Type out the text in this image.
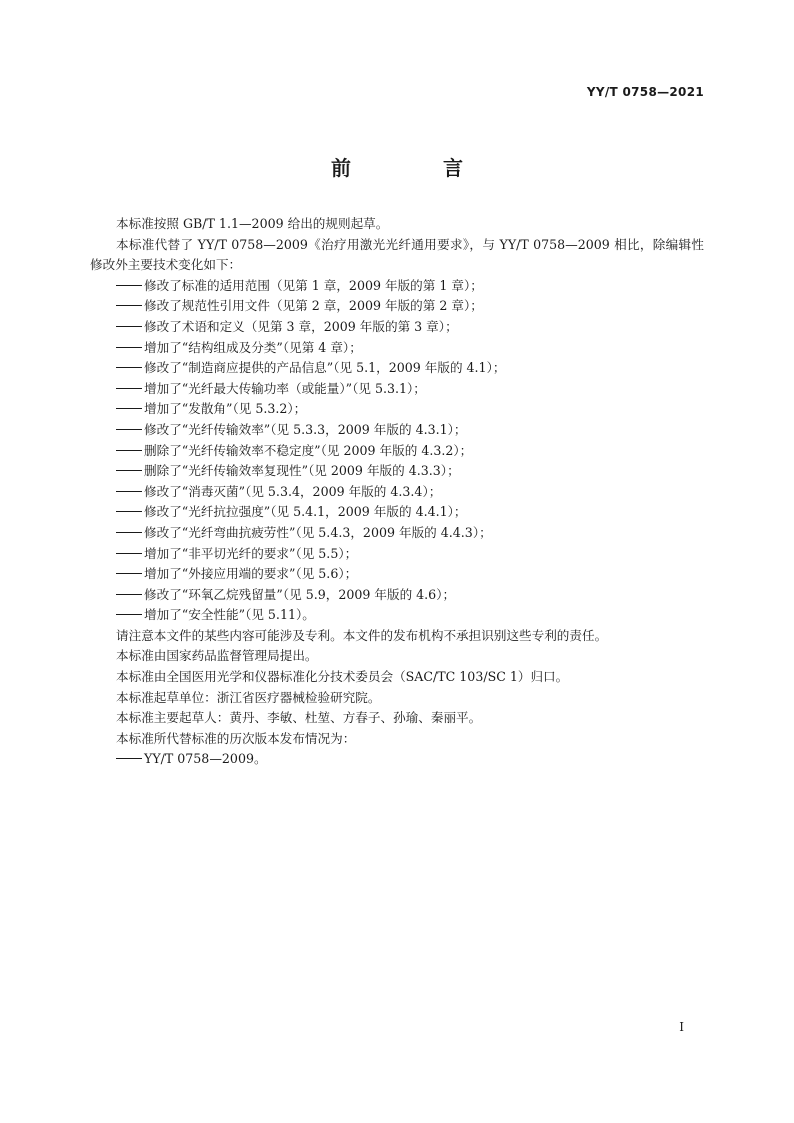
YY/T 0758—2021
前　言

本标准按照 GB/T 1.1—2009 给出的规则起草。

本标准代替了 YY/T 0758—2009《治疗用激光光纤通用要求》，与 YY/T 0758—2009 相比，除编辑性修改外主要技术变化如下：

修改了标准的适用范围（见第 1 章，2009 年版的第 1 章）；

修改了规范性引用文件（见第 2 章，2009 年版的第 2 章）；

修改了术语和定义（见第 3 章，2009 年版的第 3 章）；

增加了“结构组成及分类”（见第 4 章）；

修改了“制造商应提供的产品信息”（见 5.1，2009 年版的 4.1）；

增加了“光纤最大传输功率（或能量）”（见 5.3.1）；

增加了“发散角”（见 5.3.2）；

修改了“光纤传输效率”（见 5.3.3，2009 年版的 4.3.1）；

删除了“光纤传输效率不稳定度”（见 2009 年版的 4.3.2）；

删除了“光纤传输效率复现性”（见 2009 年版的 4.3.3）；

修改了“消毒灭菌”（见 5.3.4，2009 年版的 4.3.4）；

修改了“光纤抗拉强度”（见 5.4.1，2009 年版的 4.4.1）；

修改了“光纤弯曲抗疲劳性”（见 5.4.3，2009 年版的 4.4.3）；

增加了“非平切光纤的要求”（见 5.5）；

增加了“外接应用端的要求”（见 5.6）；

修改了“环氧乙烷残留量”（见 5.9，2009 年版的 4.6）；

增加了“安全性能”（见 5.11）。

请注意本文件的某些内容可能涉及专利。本文件的发布机构不承担识别这些专利的责任。

本标准由国家药品监督管理局提出。

本标准由全国医用光学和仪器标准化分技术委员会（SAC/TC 103/SC 1）归口。

本标准起草单位：浙江省医疗器械检验研究院。

本标准主要起草人：黄丹、李敏、杜堃、方春子、孙瑜、秦丽平。

本标准所代替标准的历次版本发布情况为：

YY/T 0758—2009。

I
